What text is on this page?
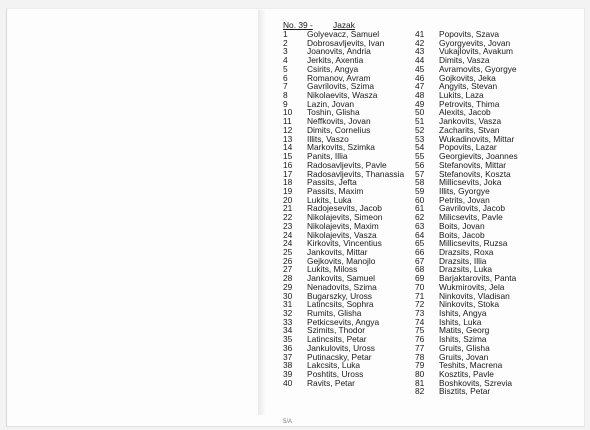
No. 39 - Jazak
1 Golyevacz, Samuel
2 Dobrosavljevits, Ivan
3 Joanovits, Andria
4 Jerkits, Axentia
5 Csirits, Angya
6 Romanov, Avram
7 Gavrilovits, Szima
8 Nikolaevits, Wasza
9 Lazin, Jovan
10 Toshin, Glisha
11 Neffkovits, Jovan
12 Dimits, Cornelius
13 Illits, Vaszo
14 Markovits, Szimka
15 Panits, Illia
16 Radosavljevits, Pavle
17 Radosavljevits, Thanassia
18 Passits, Jefta
19 Passits, Maxim
20 Lukits, Luka
21 Radojesevits, Jacob
22 Nikolajevits, Simeon
23 Nikolajevits, Maxim
24 Nikolajevits, Vasza
24 Kirkovits, Vincentius
25 Jankovits, Mittar
26 Gejkovits, Manojlo
27 Lukits, Miloss
28 Jankovits, Samuel
29 Nenadovits, Szima
30 Bugarszky, Uross
31 Latincsits, Sophra
32 Rumits, Glisha
33 Petkicsevits, Angya
34 Szimits, Thodor
35 Latincsits, Petar
36 Jankulovits, Uross
37 Putinacsky, Petar
38 Lakcsits, Luka
39 Poshtits, Uross
40 Ravits, Petar
41 Popovits, Szava
42 Gyorgyevits, Jovan
43 Vukajlovits, Avakum
44 Dimits, Vasza
45 Avramovits, Gyorgye
46 Gojkovits, Jeka
47 Angyits, Stevan
48 Lukits, Laza
49 Petrovits, Thima
50 Alexits, Jacob
51 Jankovits, Vasza
52 Zacharits, Stvan
53 Wukadinovits, Mittar
54 Popovits, Lazar
55 Georgievits, Joannes
56 Stefanovits, Mittar
57 Stefanovits, Koszta
58 Millicsevits, Joka
59 Illits, Gyorgye
60 Petrits, Jovan
61 Gavrilovits, Jacob
62 Milicsevits, Pavle
63 Boits, Jovan
64 Boits, Jacob
65 Millicsevits, Ruzsa
66 Drazsits, Roxa
67 Drazsits, Illia
68 Drazsits, Luka
69 Barjaktarovits, Panta
70 Wukmirovits, Jela
71 Ninkovits, Vladisan
72 Ninkovits, Stoka
73 Ishits, Angya
74 Ishits, Luka
75 Matits, Georg
76 Ishits, Szima
77 Gruits, Glisha
78 Gruits, Jovan
79 Teshits, Macrena
80 Kosztits, Pavle
81 Boshkovits, Szrevia
82 Bisztits, Petar
5/A
